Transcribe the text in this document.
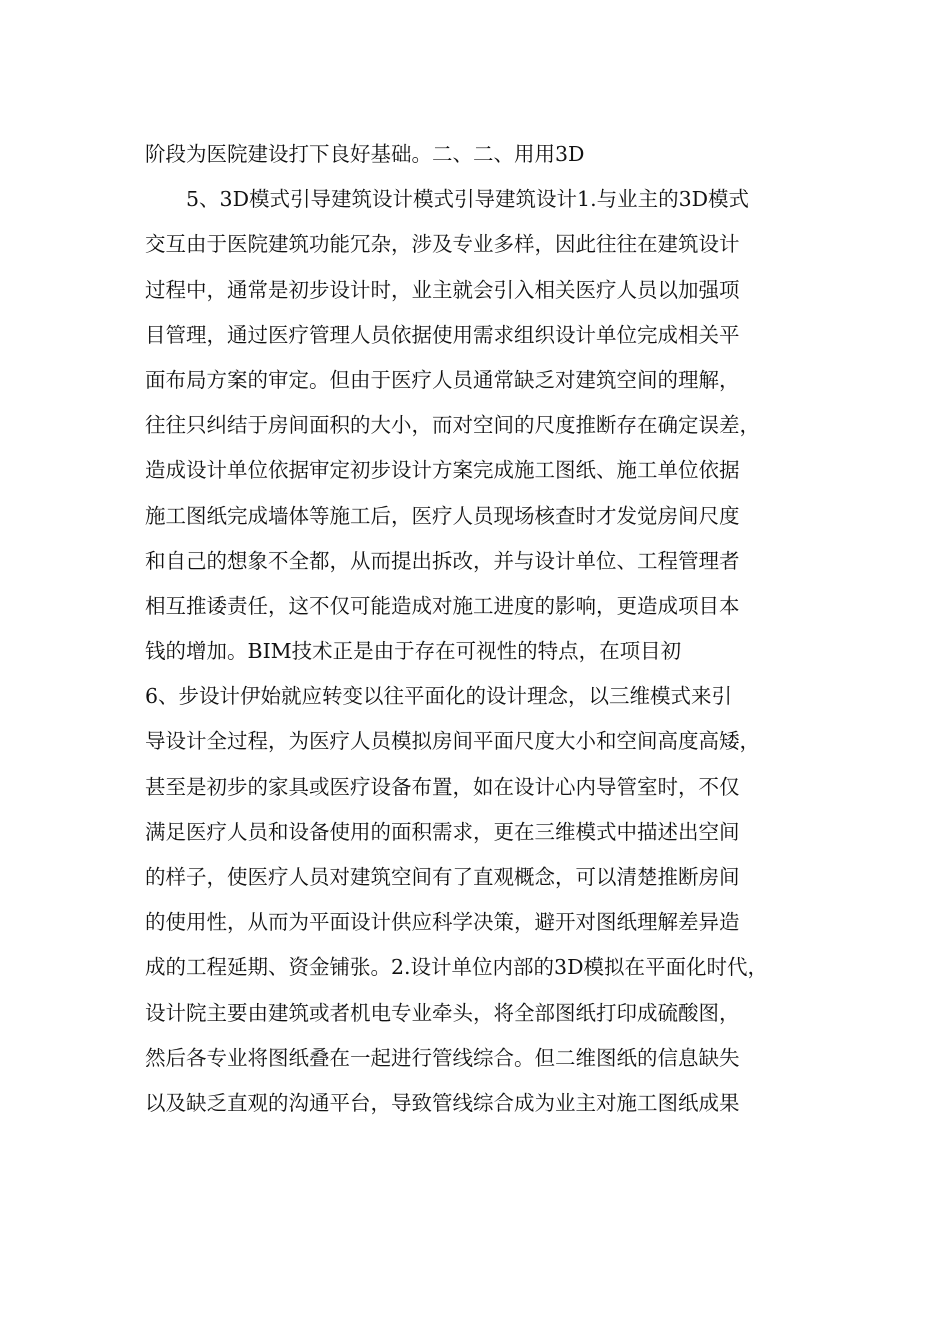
阶段为医院建设打下良好基础。二、二、用用3D
　　5、3D模式引导建筑设计模式引导建筑设计1.与业主的3D模式
交互由于医院建筑功能冗杂，涉及专业多样，因此往往在建筑设计
过程中，通常是初步设计时，业主就会引入相关医疗人员以加强项
目管理，通过医疗管理人员依据使用需求组织设计单位完成相关平
面布局方案的审定。但由于医疗人员通常缺乏对建筑空间的理解，
往往只纠结于房间面积的大小，而对空间的尺度推断存在确定误差，
造成设计单位依据审定初步设计方案完成施工图纸、施工单位依据
施工图纸完成墙体等施工后，医疗人员现场核查时才发觉房间尺度
和自己的想象不全都，从而提出拆改，并与设计单位、工程管理者
相互推诿责任，这不仅可能造成对施工进度的影响，更造成项目本
钱的增加。BIM技术正是由于存在可视性的特点，在项目初
6、步设计伊始就应转变以往平面化的设计理念，以三维模式来引
导设计全过程，为医疗人员模拟房间平面尺度大小和空间高度高矮，
甚至是初步的家具或医疗设备布置，如在设计心内导管室时，不仅
满足医疗人员和设备使用的面积需求，更在三维模式中描述出空间
的样子，使医疗人员对建筑空间有了直观概念，可以清楚推断房间
的使用性，从而为平面设计供应科学决策，避开对图纸理解差异造
成的工程延期、资金铺张。2.设计单位内部的3D模拟在平面化时代，
设计院主要由建筑或者机电专业牵头，将全部图纸打印成硫酸图，
然后各专业将图纸叠在一起进行管线综合。但二维图纸的信息缺失
以及缺乏直观的沟通平台，导致管线综合成为业主对施工图纸成果
